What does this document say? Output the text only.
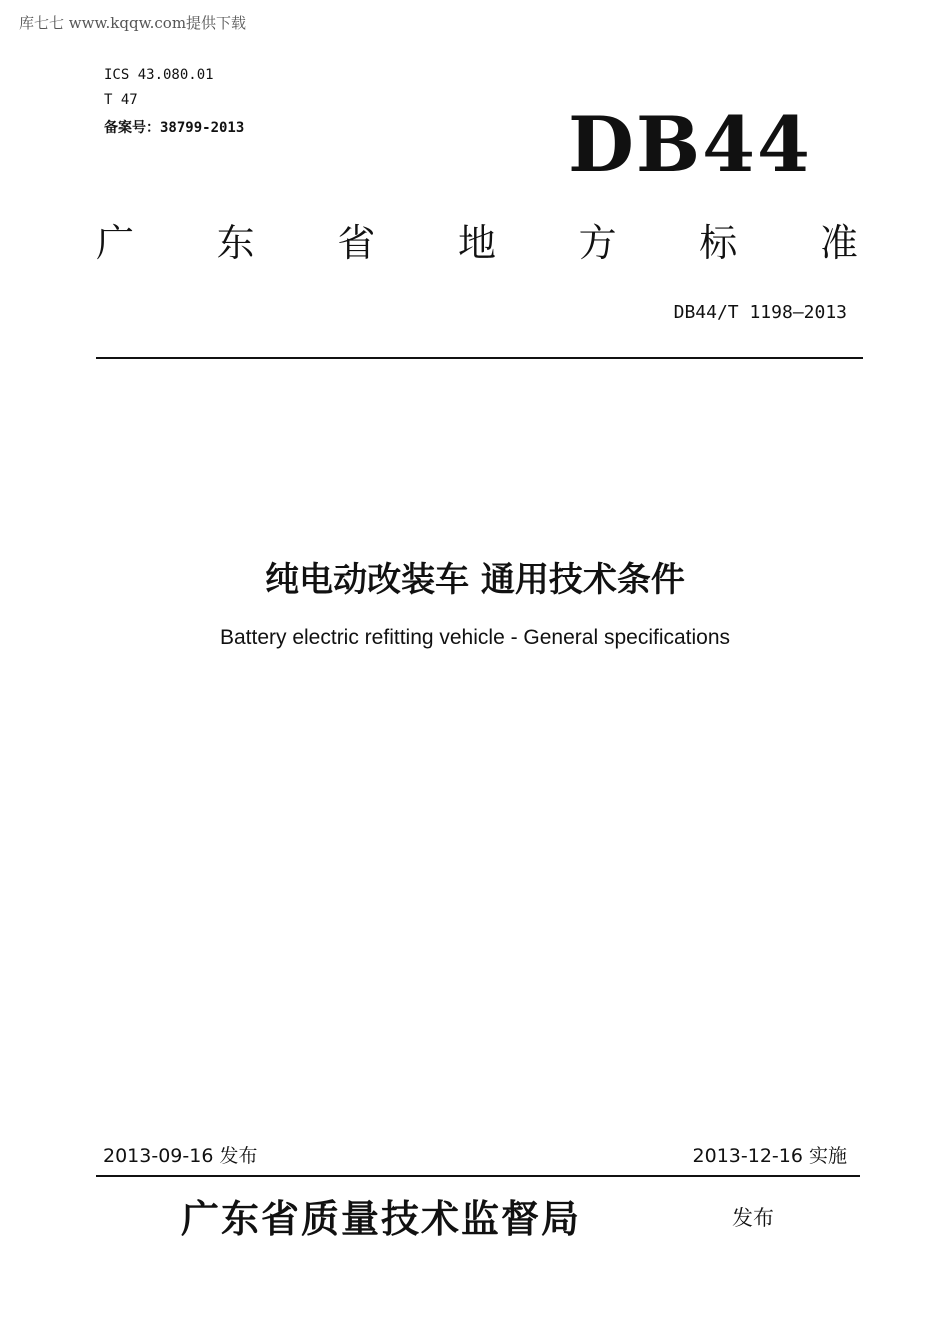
库七七 www.kqqw.com提供下载
ICS 43.080.01
T 47
备案号：38799-2013	DB44
广 东 省 地 方 标 准
DB44/T 1198—2013
纯电动改装车 通用技术条件
Battery electric refitting vehicle - General specifications
2013-09-16 发布	2013-12-16 实施
广东省质量技术监督局	发布
